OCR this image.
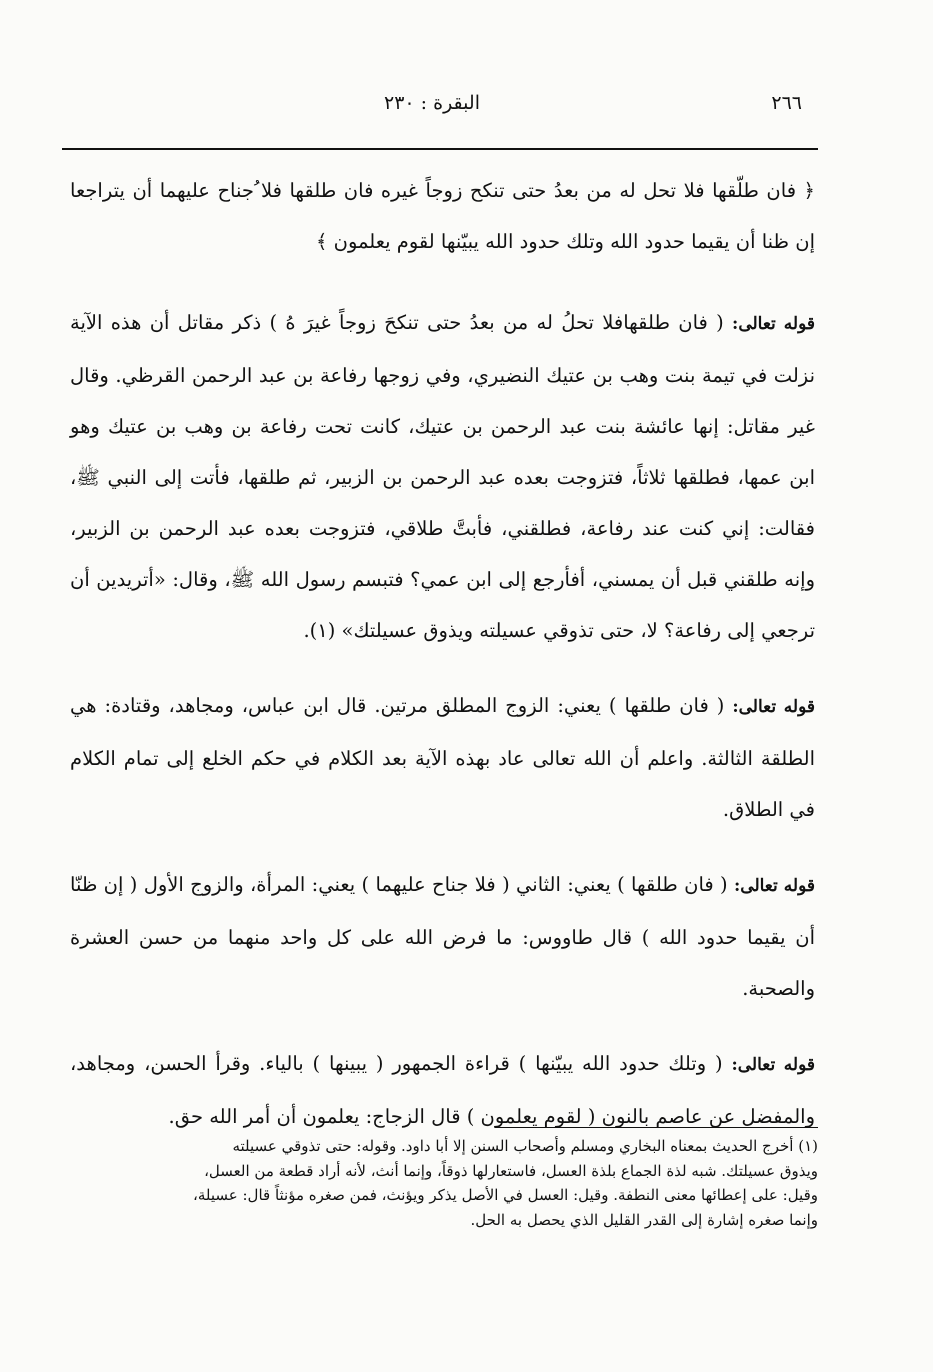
٢٦٦
البقرة : ٢٣٠

﴿ فان طلّقها فلا تحل له من بعدُ حتى تنكح زوجاً غيره فان طلقها فلا ُجناح عليهما أن يتراجعا إن ظنا أن يقيما حدود الله وتلك حدود الله يبيّنها لقوم يعلمون ﴾

قوله تعالى: ( فان طلقهافلا تحلُ له من بعدُ حتى تنكحَ زوجاً غيرَ هُ ) ذكر مقاتل أن هذه الآية نزلت في تيمة بنت وهب بن عتيك النضيري، وفي زوجها رفاعة بن عبد الرحمن القرظي. وقال غير مقاتل: إنها عائشة بنت عبد الرحمن بن عتيك، كانت تحت رفاعة بن وهب بن عتيك وهو ابن عمها، فطلقها ثلاثاً، فتزوجت بعده عبد الرحمن بن الزبير، ثم طلقها، فأتت إلى النبي ﷺ، فقالت: إني كنت عند رفاعة، فطلقني، فأبتَّ طلاقي، فتزوجت بعده عبد الرحمن بن الزبير، وإنه طلقني قبل أن يمسني، أفأرجع إلى ابن عمي؟ فتبسم رسول الله ﷺ، وقال: «أتريدين أن ترجعي إلى رفاعة؟ لا، حتى تذوقي عسيلته ويذوق عسيلتك» (١).

قوله تعالى: ( فان طلقها ) يعني: الزوج المطلق مرتين. قال ابن عباس، ومجاهد، وقتادة: هي الطلقة الثالثة. واعلم أن الله تعالى عاد بهذه الآية بعد الكلام في حكم الخلع إلى تمام الكلام في الطلاق.

قوله تعالى: ( فان طلقها ) يعني: الثاني ( فلا جناح عليهما ) يعني: المرأة، والزوج الأول ( إن ظنّا أن يقيما حدود الله ) قال طاووس: ما فرض الله على كل واحد منهما من حسن العشرة والصحبة.

قوله تعالى: ( وتلك حدود الله يبيّنها ) قراءة الجمهور ( يبينها ) بالياء. وقرأ الحسن، ومجاهد، والمفضل عن عاصم بالنون ( لقوم يعلمون ) قال الزجاج: يعلمون أن أمر الله حق.

(١) أخرج الحديث بمعناه البخاري ومسلم وأصحاب السنن إلا أبا داود. وقوله: حتى تذوقي عسيلته

ويذوق عسيلتك. شبه لذة الجماع بلذة العسل، فاستعارلها ذوقاً، وإنما أنث، لأنه أراد قطعة من العسل،

وقيل: على إعطائها معنى النطفة. وقيل: العسل في الأصل يذكر ويؤنث، فمن صغره مؤنثاً قال: عسيلة،

وإنما صغره إشارة إلى القدر القليل الذي يحصل به الحل.
